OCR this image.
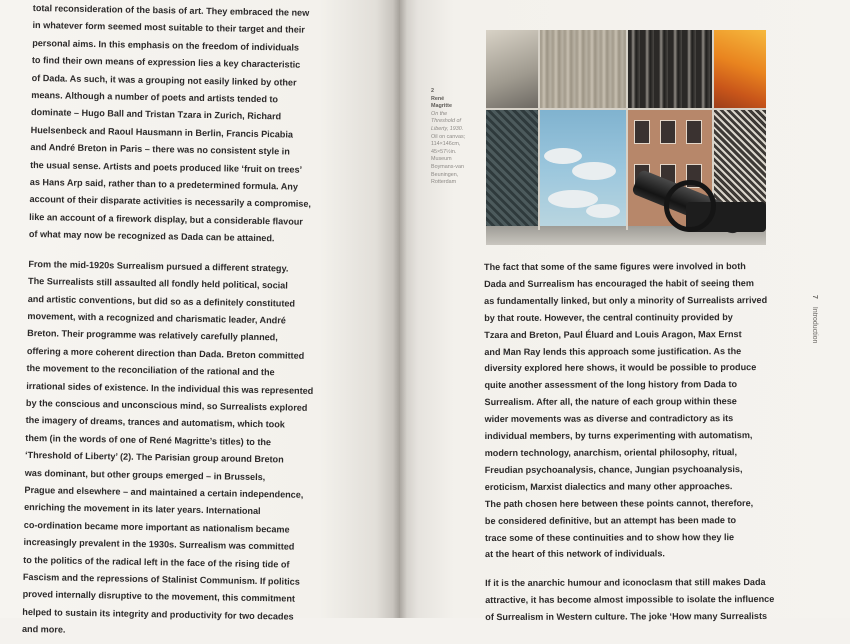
total reconsideration of the basis of art. They embraced the new
in whatever form seemed most suitable to their target and their
personal aims. In this emphasis on the freedom of individuals
to find their own means of expression lies a key characteristic
of Dada. As such, it was a grouping not easily linked by other
means. Although a number of poets and artists tended to
dominate – Hugo Ball and Tristan Tzara in Zurich, Richard
Huelsenbeck and Raoul Hausmann in Berlin, Francis Picabia
and André Breton in Paris – there was no consistent style in
the usual sense. Artists and poets produced like ‘fruit on trees’
as Hans Arp said, rather than to a predetermined formula. Any
account of their disparate activities is necessarily a compromise,
like an account of a firework display, but a considerable flavour
of what may now be recognized as Dada can be attained.

From the mid-1920s Surrealism pursued a different strategy.
The Surrealists still assaulted all fondly held political, social
and artistic conventions, but did so as a definitely constituted
movement, with a recognized and charismatic leader, André
Breton. Their programme was relatively carefully planned,
offering a more coherent direction than Dada. Breton committed
the movement to the reconciliation of the rational and the
irrational sides of existence. In the individual this was represented
by the conscious and unconscious mind, so Surrealists explored
the imagery of dreams, trances and automatism, which took
them (in the words of one of René Magritte’s titles) to the
‘Threshold of Liberty’ (2). The Parisian group around Breton
was dominant, but other groups emerged – in Brussels,
Prague and elsewhere – and maintained a certain independence,
enriching the movement in its later years. International
co-ordination became more important as nationalism became
increasingly prevalent in the 1930s. Surrealism was committed
to the politics of the radical left in the face of the rising tide of
Fascism and the repressions of Stalinist Communism. If politics
proved internally disruptive to the movement, this commitment
helped to sustain its integrity and productivity for two decades
and more.

2
René
Magritte
On the
Threshold of
Liberty, 1930.
Oil on canvas;
114×146cm,
45×57½in.
Museum
Boymans-van
Beuningen,
Rotterdam

The fact that some of the same figures were involved in both
Dada and Surrealism has encouraged the habit of seeing them
as fundamentally linked, but only a minority of Surrealists arrived
by that route. However, the central continuity provided by
Tzara and Breton, Paul Éluard and Louis Aragon, Max Ernst
and Man Ray lends this approach some justification. As the
diversity explored here shows, it would be possible to produce
quite another assessment of the long history from Dada to
Surrealism. After all, the nature of each group within these
wider movements was as diverse and contradictory as its
individual members, by turns experimenting with automatism,
modern technology, anarchism, oriental philosophy, ritual,
Freudian psychoanalysis, chance, Jungian psychoanalysis,
eroticism, Marxist dialectics and many other approaches.
The path chosen here between these points cannot, therefore,
be considered definitive, but an attempt has been made to
trace some of these continuities and to show how they lie
at the heart of this network of individuals.

If it is the anarchic humour and iconoclasm that still makes Dada
attractive, it has become almost impossible to isolate the influence
of Surrealism in Western culture. The joke ‘How many Surrealists

7 Introduction
